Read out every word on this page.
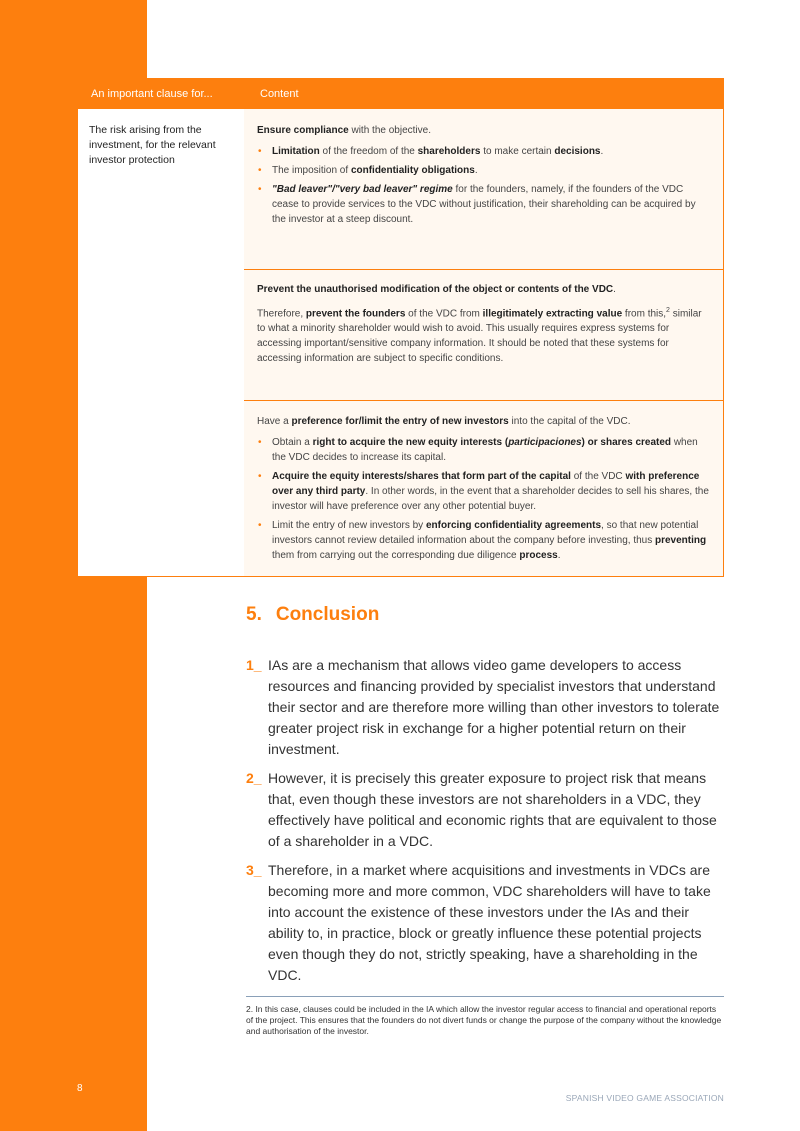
An important clause for...	Content
The risk arising from the investment, for the relevant investor protection

Ensure compliance with the objective.

• Limitation of the freedom of the shareholders to make certain decisions.
• The imposition of confidentiality obligations.
• "Bad leaver"/"very bad leaver" regime for the founders, namely, if the founders of the VDC cease to provide services to the VDC without justification, their shareholding can be acquired by the investor at a steep discount.

Prevent the unauthorised modification of the object or contents of the VDC.

Therefore, prevent the founders of the VDC from illegitimately extracting value from this,$^2$ similar to what a minority shareholder would wish to avoid. This usually requires express systems for accessing important/sensitive company information. It should be noted that these systems for accessing information are subject to specific conditions.

Have a preference for/limit the entry of new investors into the capital of the VDC.

• Obtain a right to acquire the new equity interests (participaciones) or shares created when the VDC decides to increase its capital.
• Acquire the equity interests/shares that form part of the capital of the VDC with preference over any third party. In other words, in the event that a shareholder decides to sell his shares, the investor will have preference over any other potential buyer.
• Limit the entry of new investors by enforcing confidentiality agreements, so that new potential investors cannot review detailed information about the company before investing, thus preventing them from carrying out the corresponding due diligence process.
5. Conclusion
1_ IAs are a mechanism that allows video game developers to access resources and financing provided by specialist investors that understand their sector and are therefore more willing than other investors to tolerate greater project risk in exchange for a higher potential return on their investment.
2_ However, it is precisely this greater exposure to project risk that means that, even though these investors are not shareholders in a VDC, they effectively have political and economic rights that are equivalent to those of a shareholder in a VDC.
3_ Therefore, in a market where acquisitions and investments in VDCs are becoming more and more common, VDC shareholders will have to take into account the existence of these investors under the IAs and their ability to, in practice, block or greatly influence these potential projects even though they do not, strictly speaking, have a shareholding in the VDC.
2. In this case, clauses could be included in the IA which allow the investor regular access to financial and operational reports of the project. This ensures that the founders do not divert funds or change the purpose of the company without the knowledge and authorisation of the investor.
8
SPANISH VIDEO GAME ASSOCIATION
